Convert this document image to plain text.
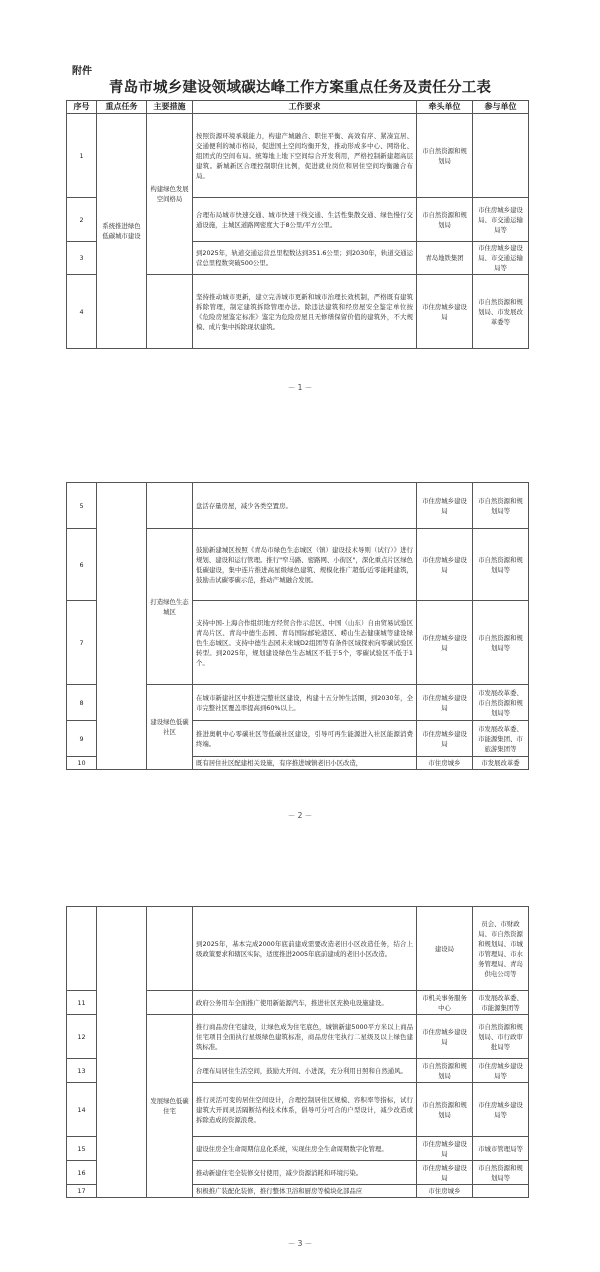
附件
青岛市城乡建设领域碳达峰工作方案重点任务及责任分工表
序号	重点任务	主要措施	工作要求	牵头单位	参与单位
1	系统推进绿色低碳城市建设	构建绿色发展空间格局	按照资源环境承载能力，构建产城融合、职住平衡、高效有序、紧凑宜居、交通便利的城市格局，促进国土空间均衡开发，推动形成多中心、网络化、组团式的空间布局。统筹地上地下空间综合开发利用，严格控制新建超高层建筑。新城新区合理控制职住比例，促进就业岗位和居住空间均衡融合布局。	市自然资源和规划局	
2			合理布局城市快速交通、城市快速干线交通、生活性集散交通、绿色慢行交通设施，主城区道路网密度大于8公里/平方公里。	市自然资源和规划局	市住房城乡建设局、市交通运输局等
3			到2025年，轨道交通运营总里程数达到351.6公里；到2030年，轨道交通运营总里程数突破500公里。	青岛地铁集团	市住房城乡建设局、市交通运输局等
4			坚持推动城市更新，建立完善城市更新和城市治理长效机制，严格既有建筑拆除管理，制定建筑拆除管理办法。除违法建筑和经房屋安全鉴定单位按《危险房屋鉴定标准》鉴定为危险房屋且无修缮保留价值的建筑外，不大规模、成片集中拆除现状建筑。	市住房城乡建设局	市自然资源和规划局、市发展改革委等
－ 1 －
5			盘活存量房屋，减少各类空置房。	市住房城乡建设局	市自然资源和规划局等
6		打造绿色生态城区	鼓励新建城区按照《青岛市绿色生态城区（镇）建设技术导则（试行）》进行规划、建设和运行管理。推行"窄马路、密路网、小街区"，深化重点片区绿色低碳建设，集中连片推进高星级绿色建筑、规模化推广超低/近零能耗建筑，鼓励击试碳零碳示范，推动产城融合发展。	市住房城乡建设局	市自然资源和规划局等
7			支持中国-上海合作组织地方经贸合作示范区、中国（山东）自由贸易试验区青岛片区、青岛中德生态园、青岛国际邮轮港区、崂山生态健康城等建设绿色生态城区。支持中德生态园未来城D2组团等有条件区域探索向零碳试验区转型。到2025年，规划建设绿色生态城区不低于5个，零碳试验区不低于1个。	市住房城乡建设局	市自然资源和规划局等
8		建设绿色低碳社区	在城市新建社区中推进完整社区建设，构建十五分钟生活圈，到2030年，全市完整社区覆盖率提高到60%以上。	市住房城乡建设局	市发展改革委、市自然资源和规划局等
9			推进奥帆中心零碳社区等低碳社区建设，引导可再生能源进入社区能源消费终端。	市住房城乡建设局	市发展改革委、市能源集团、市旅游集团等
10			既有居住社区配建相关设施，有序推进城镇老旧小区改造，	市住房城乡	市发展改革委
－ 2 －
			到2025年，基本完成2000年底前建成需要改造老旧小区改造任务，结合上级政策要求和辖区实际，适度推进2005年底前建成的老旧小区改造。	建设局	员会、市财政局、市自然资源和规划局、市城市管理局、市水务管理局、青岛供电公司等
11			政府公务用车全面推广使用新能源汽车，推进社区充换电设施建设。	市机关事务服务中心	市发展改革委、市能源集团等
12		发展绿色低碳住宅	推行商品房住宅建设，让绿色成为住宅底色，城镇新建5000平方米以上商品住宅项目全面执行星级绿色建筑标准，商品房住宅执行二星级及以上绿色建筑标准。	市住房城乡建设局	市自然资源和规划局、市行政审批局等
13			合理布局居住生活空间，鼓励大开间、小进深，充分利用日照和自然通风。	市自然资源和规划局	市住房城乡建设局等
14			推行灵活可变的居住空间设计，合理控制居住区规模、容积率等指标，试行建筑大开间灵活隔断结构技术体系，倡导可分可合的户型设计，减少改造或拆除造成的资源浪费。	市自然资源和规划局	市住房城乡建设局等
15			建设住房全生命周期信息化系统，实现住房全生命周期数字化管理。	市住房城乡建设局	市城市管理局等
16			推动新建住宅全装修交付使用，减少资源消耗和环境污染。	市住房城乡建设局	市自然资源和规划局等
17			积极推广装配化装修，推行整体卫浴和厨房等模块化部品应	市住房城乡	
－ 3 －
